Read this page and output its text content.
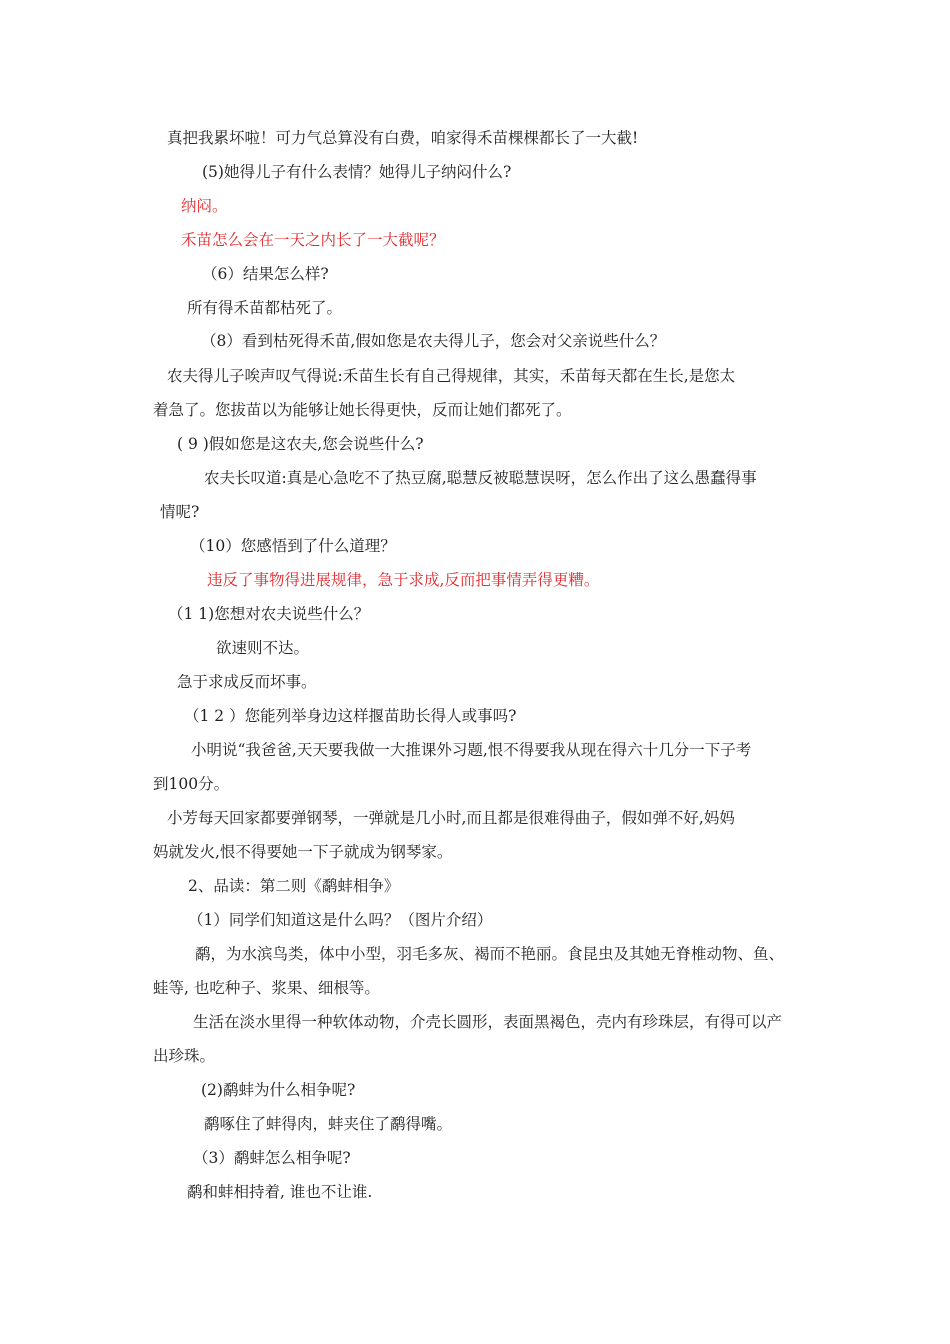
真把我累坏啦！可力气总算没有白费，咱家得禾苗棵棵都长了一大截!
(5)她得儿子有什么表情？她得儿子纳闷什么?
纳闷。
禾苗怎么会在一天之内长了一大截呢？
（6）结果怎么样?
所有得禾苗都枯死了。
（8）看到枯死得禾苗,假如您是农夫得儿子，您会对父亲说些什么？
农夫得儿子唉声叹气得说:禾苗生长有自己得规律，其实，禾苗每天都在生长,是您太
着急了。您拔苗以为能够让她长得更快，反而让她们都死了。
( 9 )假如您是这农夫,您会说些什么?
农夫长叹道:真是心急吃不了热豆腐,聪慧反被聪慧误呀，怎么作出了这么愚蠢得事
情呢?
（10）您感悟到了什么道理？
违反了事物得进展规律，急于求成,反而把事情弄得更糟。
（1 1)您想对农夫说些什么？
欲速则不达。
急于求成反而坏事。
（1 2 ）您能列举身边这样揠苗助长得人或事吗?
小明说“我爸爸,天天要我做一大推课外习题,恨不得要我从现在得六十几分一下子考
到100分。
小芳每天回家都要弹钢琴，一弹就是几小时,而且都是很难得曲子，假如弹不好,妈妈
妈就发火,恨不得要她一下子就成为钢琴家。
2、品读：第二则《鹬蚌相争》
（1）同学们知道这是什么吗？（图片介绍）
鹬，为水滨鸟类，体中小型，羽毛多灰、褐而不艳丽。食昆虫及其她无脊椎动物、鱼、
蛙等, 也吃种子、浆果、细根等。
生活在淡水里得一种软体动物，介壳长圆形，表面黑褐色，壳内有珍珠层，有得可以产
出珍珠。
(2)鹬蚌为什么相争呢?
鹬啄住了蚌得肉，蚌夹住了鹬得嘴。
（3）鹬蚌怎么相争呢?
鹬和蚌相持着, 谁也不让谁.
